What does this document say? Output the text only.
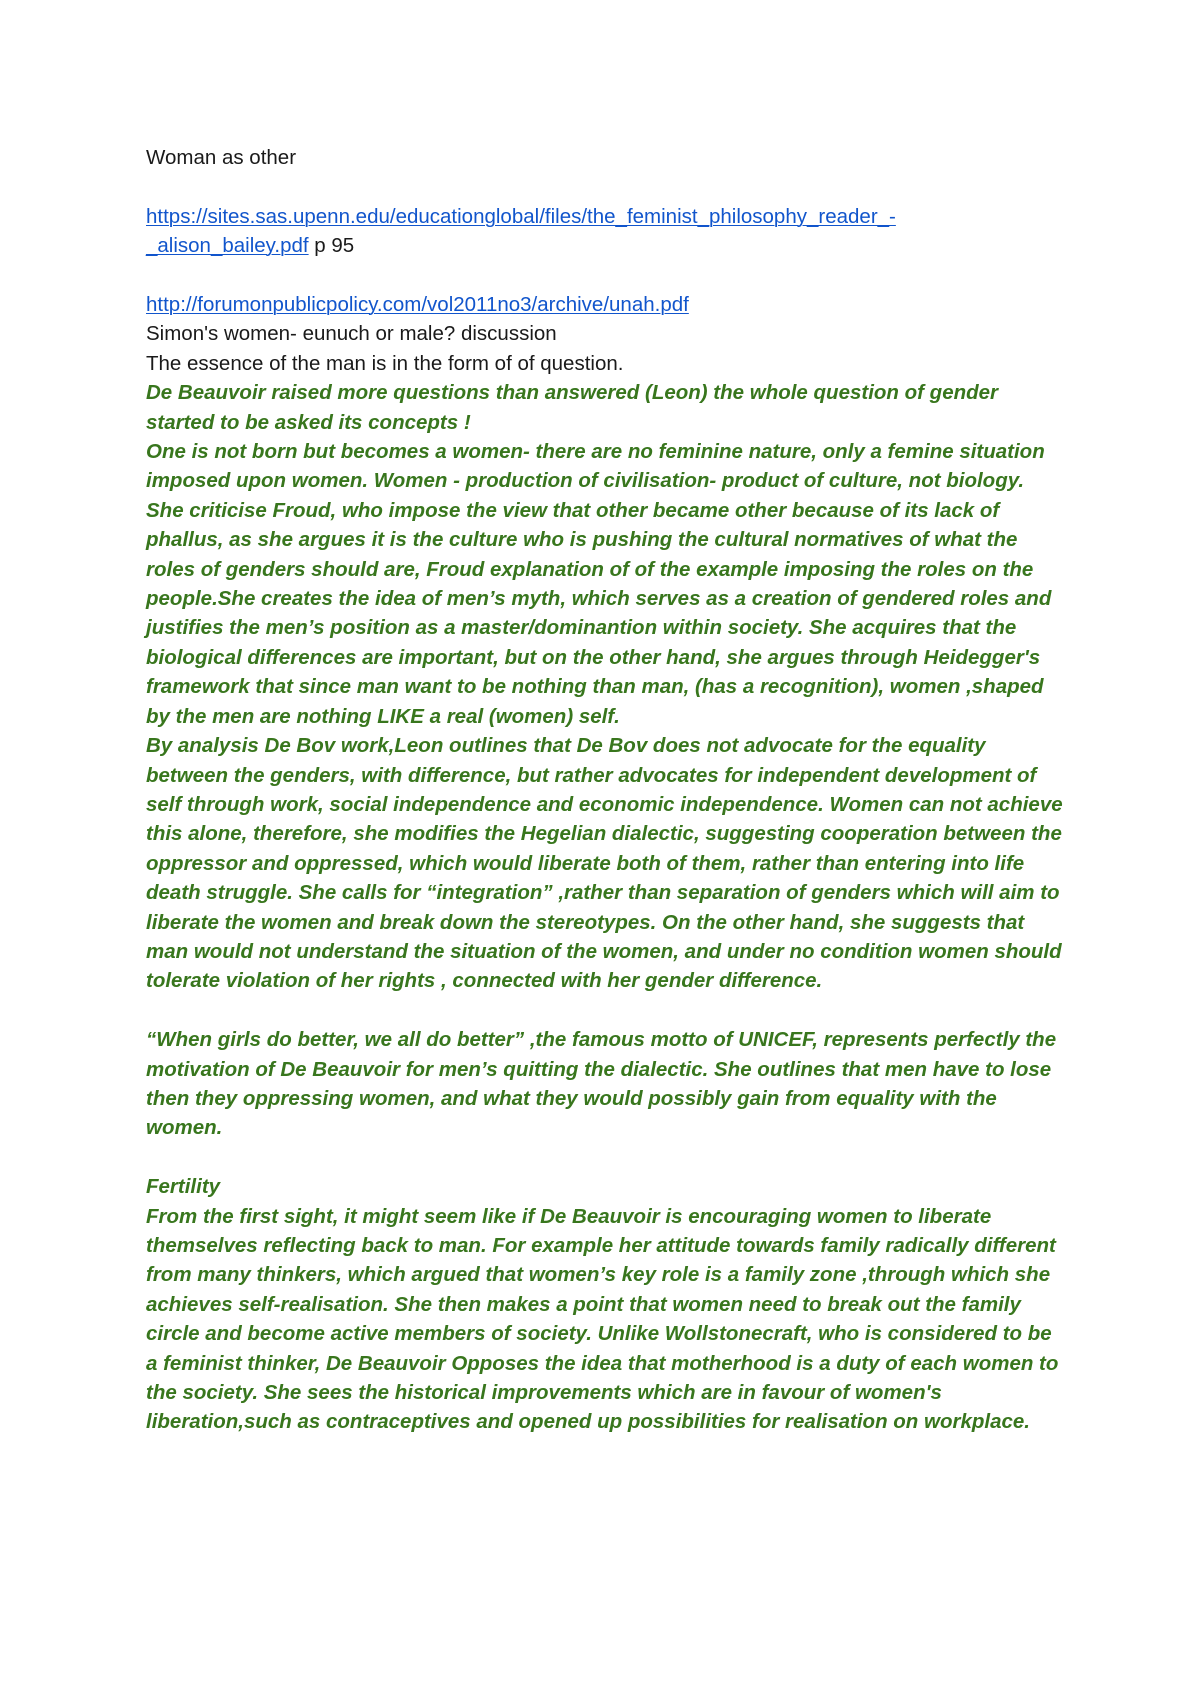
Woman as other

https://sites.sas.upenn.edu/educationglobal/files/the_feminist_philosophy_reader_-
_alison_bailey.pdf p 95

http://forumonpublicpolicy.com/vol2011no3/archive/unah.pdf

Simon's women- eunuch or male? discussion

The essence of the man is in the form of of question.

De Beauvoir raised more questions than answered (Leon) the whole question of gender started to be asked its concepts !

One is not born but becomes a women- there are no feminine nature, only a femine situation imposed upon women. Women - production of civilisation- product of culture, not biology. She criticise Froud, who impose the view that other became other because of its lack of phallus, as she argues it is the culture who is pushing the cultural normatives of what the roles of genders should are, Froud explanation of of the example imposing the roles on the people.She creates the idea of men’s myth, which serves as a creation of gendered roles and justifies the men’s position as a master/dominantion within society. She acquires that the biological differences are important, but on the other hand, she argues through Heidegger's framework that since man want to be nothing than man, (has a recognition), women ,shaped by the men are nothing LIKE a real (women) self.

By analysis De Bov work,Leon outlines that De Bov does not advocate for the equality between the genders, with difference, but rather advocates for independent development of self through work, social independence and economic independence. Women can not achieve this alone, therefore, she modifies the Hegelian dialectic, suggesting cooperation between the oppressor and oppressed, which would liberate both of them, rather than entering into life death struggle. She calls for “integration” ,rather than separation of genders which will aim to liberate the women and break down the stereotypes. On the other hand, she suggests that man would not understand the situation of the women, and under no condition women should tolerate violation of her rights , connected with her gender difference.

“When girls do better, we all do better” ,the famous motto of UNICEF, represents perfectly the motivation of De Beauvoir for men’s quitting the dialectic. She outlines that men have to lose then they oppressing women, and what they would possibly gain from equality with the women.

Fertility

From the first sight, it might seem like if De Beauvoir is encouraging women to liberate themselves reflecting back to man. For example her attitude towards family radically different from many thinkers, which argued that women’s key role is a family zone ,through which she achieves self-realisation. She then makes a point that women need to break out the family circle and become active members of society. Unlike Wollstonecraft, who is considered to be a feminist thinker, De Beauvoir Opposes the idea that motherhood is a duty of each women to the society. She sees the historical improvements which are in favour of women's liberation,such as contraceptives and opened up possibilities for realisation on workplace.
